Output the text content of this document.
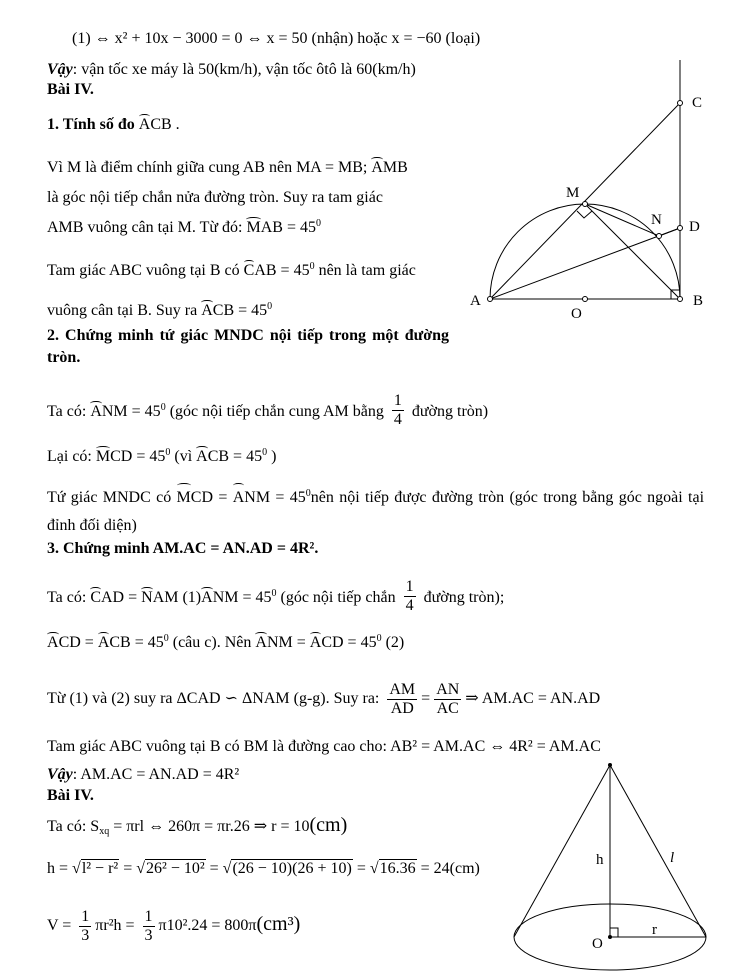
(1) ⇔ x² + 10x − 3000 = 0 ⇔ x = 50 (nhận) hoặc x = −60 (loại)
Vậy: vận tốc xe máy là 50(km/h), vận tốc ôtô là 60(km/h)
Bài IV.
1. Tính số đo ACB .
Vì M là điểm chính giữa cung AB nên MA = MB; AMB
là góc nội tiếp chắn nửa đường tròn. Suy ra tam giác
AMB vuông cân tại M. Từ đó: MAB = $45^0$
Tam giác ABC vuông tại B có CAB = $45^0$ nên là tam giác
vuông cân tại B. Suy ra ACB = $45^0$
2. Chứng minh tứ giác MNDC nội tiếp trong một đường tròn.
Ta có: ANM = $45^0$ (góc nội tiếp chắn cung AM bằng $\frac{1}{4}$ đường tròn)
Lại có: MCD = $45^0$ (vì ACB = $45^0$ )
Tứ giác MNDC có MCD = ANM = $45^0nên$ nội tiếp được đường tròn (góc trong bằng góc ngoài tại đỉnh đối diện)
3. Chứng minh AM.AC = AN.AD = 4R².
Ta có: CAD = NAM $(1)ANM = 45^0$ (góc nội tiếp chắn $\frac{1}{4}$ đường tròn);
ACD = ACB = $45^0$ (câu c). Nên ANM = ACD = $45^0$ (2)
Từ (1) và (2) suy ra ΔCAD ∽ ΔNAM (g-g). Suy ra: $\frac{AM}{AD} = \frac{AN}{AC}$ ⇒ AM.AC = AN.AD
Tam giác ABC vuông tại B có BM là đường cao cho: AB² = AM.AC ⇔ 4R² = AM.AC
Vậy: AM.AC = AN.AD = 4R²
Bài IV.
Ta có: $S_{xq} = \pi rl$ ⇔ 260π = πr.26 ⇒ r = 10(cm)
h = √l² − r² = √26² − 10² = √(26 − 10)(26 + 10) = √16.36 = 24(cm)
$V = \frac{1}{3} \pi r^2h = \frac{1}{3} \pi 10^2.24 = 800\pi(cm^3)$
A
O
B
C
D
M
N
h	l
r
O
